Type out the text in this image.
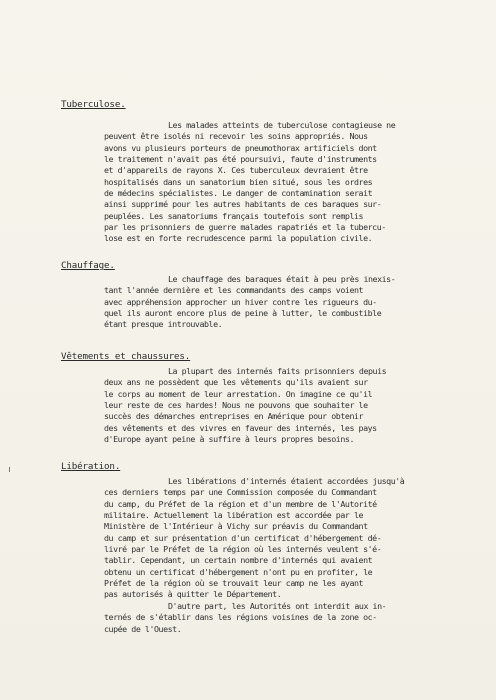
Tuberculose.
Les malades atteints de tuberculose contagieuse ne
peuvent être isolés ni recevoir les soins appropriés. Nous
avons vu plusieurs porteurs de pneumothorax artificiels dont
le traitement n'avait pas été poursuivi, faute d'instruments
et d'appareils de rayons X. Ces tuberculeux devraient être
hospitalisés dans un sanatorium bien situé, sous les ordres
de médecins spécialistes. Le danger de contamination serait
ainsi supprimé pour les autres habitants de ces baraques sur-
peuplées. Les sanatoriums français toutefois sont remplis
par les prisonniers de guerre malades rapatriés et la tubercu-
lose est en forte recrudescence parmi la population civile.
Chauffage.
Le chauffage des baraques était à peu près inexis-
tant l'année dernière et les commandants des camps voient
avec appréhension approcher un hiver contre les rigueurs du-
quel ils auront encore plus de peine à lutter, le combustible
étant presque introuvable.
Vêtements et chaussures.
La plupart des internés faits prisonniers depuis
deux ans ne possèdent que les vêtements qu'ils avaient sur
le corps au moment de leur arrestation. On imagine ce qu'il
leur reste de ces hardes! Nous ne pouvons que souhaiter le
succès des démarches entreprises en Amérique pour obtenir
des vêtements et des vivres en faveur des internés, les pays
d'Europe ayant peine à suffire à leurs propres besoins.
Libération.
Les libérations d'internés étaient accordées jusqu'à
ces derniers temps par une Commission composée du Commandant
du camp, du Préfet de la région et d'un membre de l'Autorité
militaire. Actuellement la libération est accordée par le
Ministère de l'Intérieur à Vichy sur préavis du Commandant
du camp et sur présentation d'un certificat d'hébergement dé-
livré par le Préfet de la région où les internés veulent s'é-
tablir. Cependant, un certain nombre d'internés qui avaient
obtenu un certificat d'hébergement n'ont pu en profiter, le
Préfet de la région où se trouvait leur camp ne les ayant
pas autorisés à quitter le Département.
D'autre part, les Autorités ont interdit aux in-
ternés de s'établir dans les régions voisines de la zone oc-
cupée de l'Ouest.
